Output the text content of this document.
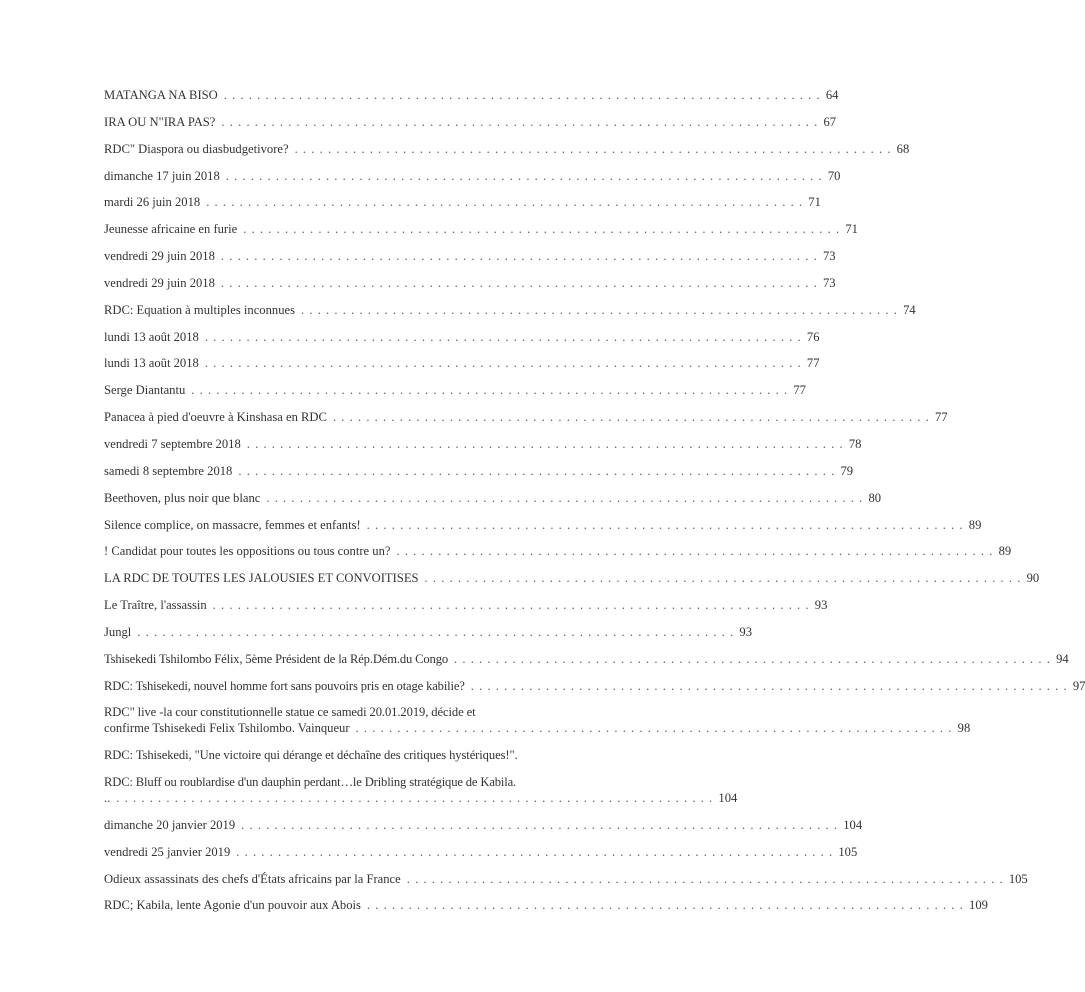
MATANGA NA BISO ........................................................................ 64
IRA OU N"IRA PAS? ........................................................................ 67
RDC" Diaspora ou diasbudgetivore? ........................................................................ 68
dimanche 17 juin 2018 ........................................................................ 70
mardi 26 juin 2018 ........................................................................ 71
Jeunesse africaine en furie ........................................................................ 71
vendredi 29 juin 2018 ........................................................................ 73
vendredi 29 juin 2018 ........................................................................ 73
RDC: Equation à multiples inconnues ........................................................................ 74
lundi 13 août 2018 ........................................................................ 76
lundi 13 août 2018 ........................................................................ 77
Serge Diantantu ........................................................................ 77
Panacea à pied d'oeuvre à Kinshasa en RDC ........................................................................ 77
vendredi 7 septembre 2018 ........................................................................ 78
samedi 8 septembre 2018 ........................................................................ 79
Beethoven, plus noir que blanc ........................................................................ 80
Silence complice, on massacre, femmes et enfants! ........................................................................ 89
! Candidat pour toutes les oppositions ou tous contre un? ........................................................................ 89
LA RDC DE TOUTES LES JALOUSIES ET CONVOITISES ........................................................................ 90
Le Traître, l'assassin ........................................................................ 93
Jungl ........................................................................ 93
Tshisekedi Tshilombo Félix, 5ème Président de la Rép.Dém.du Congo ........................................................................ 94
RDC: Tshisekedi, nouvel homme fort sans pouvoirs pris en otage kabilie? ........................................................................ 97
RDC" live -la cour constitutionnelle statue ce samedi 20.01.2019, décide et
confirme Tshisekedi Felix Tshilombo. Vainqueur ........................................................................ 98
RDC: Tshisekedi, "Une victoire qui dérange et déchaîne des critiques hystériques!".
RDC: Bluff ou roublardise d'un dauphin perdant…le Dribling stratégique de Kabila.
.. ........................................................................ 104
dimanche 20 janvier 2019 ........................................................................ 104
vendredi 25 janvier 2019 ........................................................................ 105
Odieux assassinats des chefs d'États africains par la France ........................................................................ 105
RDC; Kabila, lente Agonie d'un pouvoir aux Abois ........................................................................ 109
